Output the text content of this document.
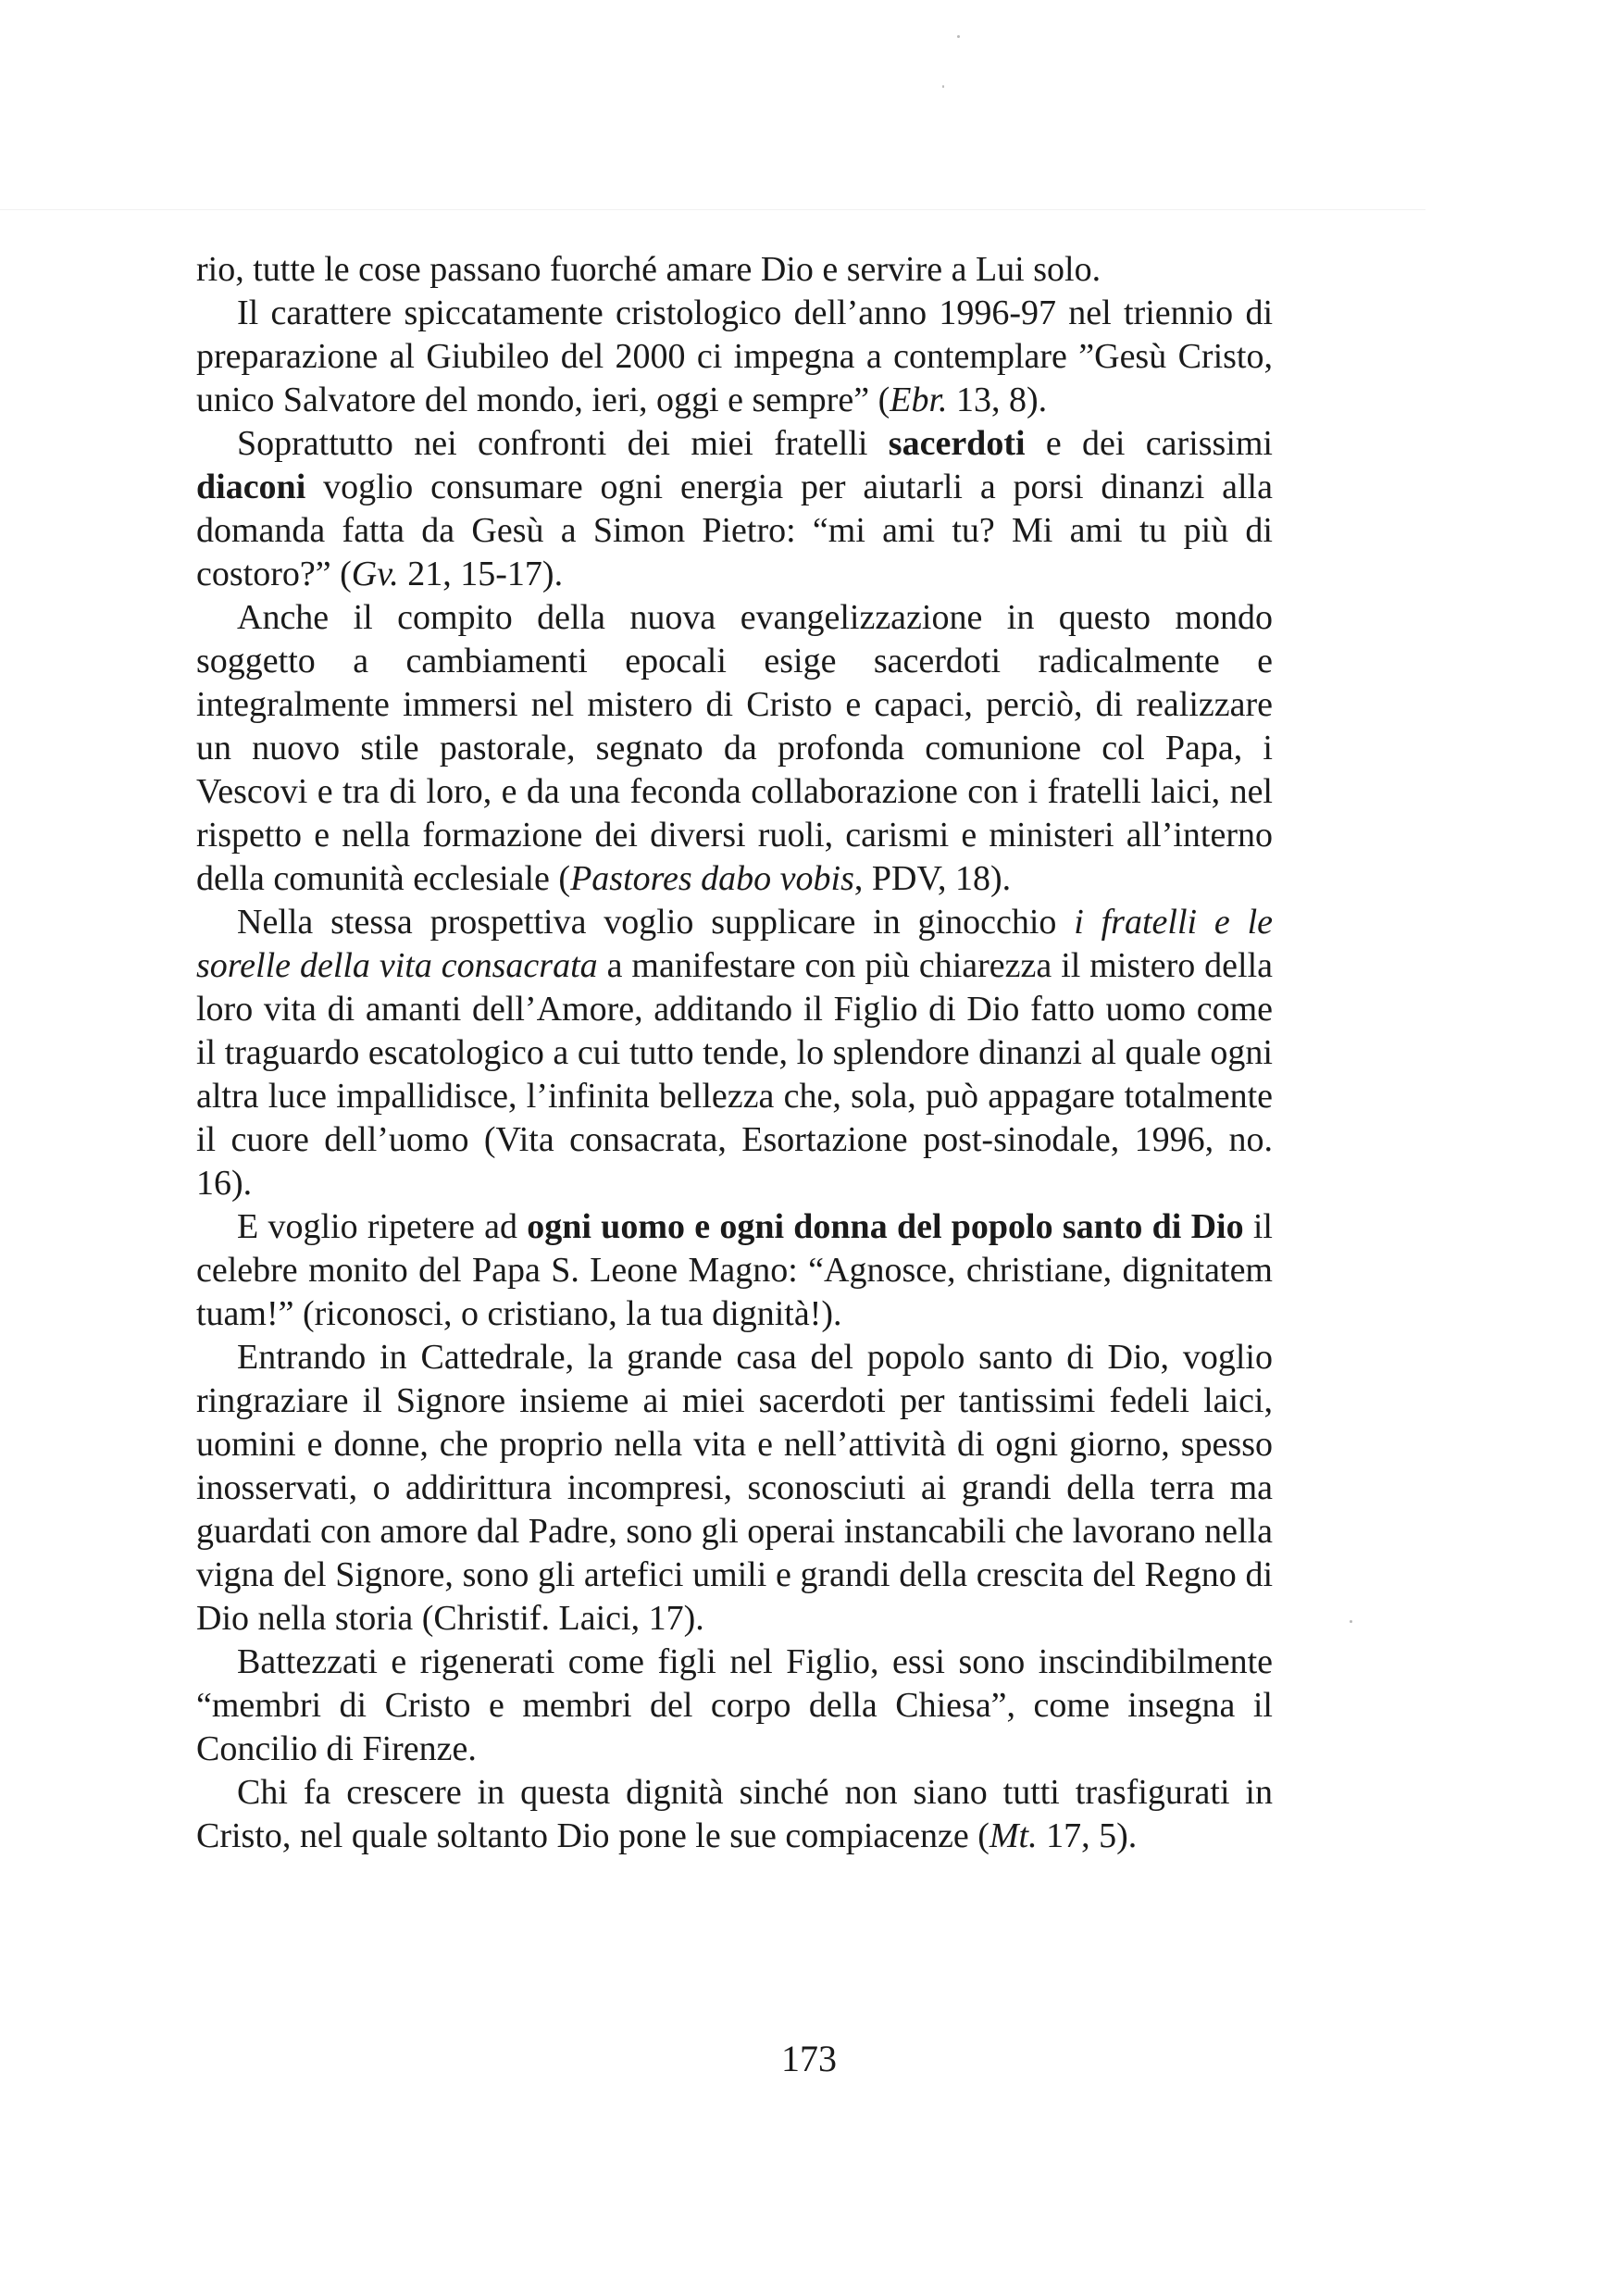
rio, tutte le cose passano fuorché amare Dio e servire a Lui solo.

Il carattere spiccatamente cristologico dell’anno 1996-97 nel triennio di preparazione al Giubileo del 2000 ci impegna a contemplare ”Gesù Cristo, unico Salvatore del mondo, ieri, oggi e sempre” (Ebr. 13, 8).

Soprattutto nei confronti dei miei fratelli sacerdoti e dei carissimi diaconi voglio consumare ogni energia per aiutarli a porsi dinanzi alla domanda fatta da Gesù a Simon Pietro: “mi ami tu? Mi ami tu più di costoro?” (Gv. 21, 15-17).

Anche il compito della nuova evangelizzazione in questo mondo soggetto a cambiamenti epocali esige sacerdoti radicalmente e integralmente immersi nel mistero di Cristo e capaci, perciò, di realizzare un nuovo stile pastorale, segnato da profonda comunione col Papa, i Vescovi e tra di loro, e da una feconda collaborazione con i fratelli laici, nel rispetto e nella formazione dei diversi ruoli, carismi e ministeri all’interno della comunità ecclesiale (Pastores dabo vobis, PDV, 18).

Nella stessa prospettiva voglio supplicare in ginocchio i fratelli e le sorelle della vita consacrata a manifestare con più chiarezza il mistero della loro vita di amanti dell’Amore, additando il Figlio di Dio fatto uomo come il traguardo escatologico a cui tutto tende, lo splendore dinanzi al quale ogni altra luce impallidisce, l’infinita bellezza che, sola, può appagare totalmente il cuore dell’uomo (Vita consacrata, Esortazione post-sinodale, 1996, no. 16).

E voglio ripetere ad ogni uomo e ogni donna del popolo santo di Dio il celebre monito del Papa S. Leone Magno: “Agnosce, christiane, dignitatem tuam!” (riconosci, o cristiano, la tua dignità!).

Entrando in Cattedrale, la grande casa del popolo santo di Dio, voglio ringraziare il Signore insieme ai miei sacerdoti per tantissimi fedeli laici, uomini e donne, che proprio nella vita e nell’attività di ogni giorno, spesso inosservati, o addirittura incompresi, sconosciuti ai grandi della terra ma guardati con amore dal Padre, sono gli operai instancabili che lavorano nella vigna del Signore, sono gli artefici umili e grandi della crescita del Regno di Dio nella storia (Christif. Laici, 17).

Battezzati e rigenerati come figli nel Figlio, essi sono inscindibilmente “membri di Cristo e membri del corpo della Chiesa”, come insegna il Concilio di Firenze.

Chi fa crescere in questa dignità sinché non siano tutti trasfigurati in Cristo, nel quale soltanto Dio pone le sue compiacenze (Mt. 17, 5).

173
